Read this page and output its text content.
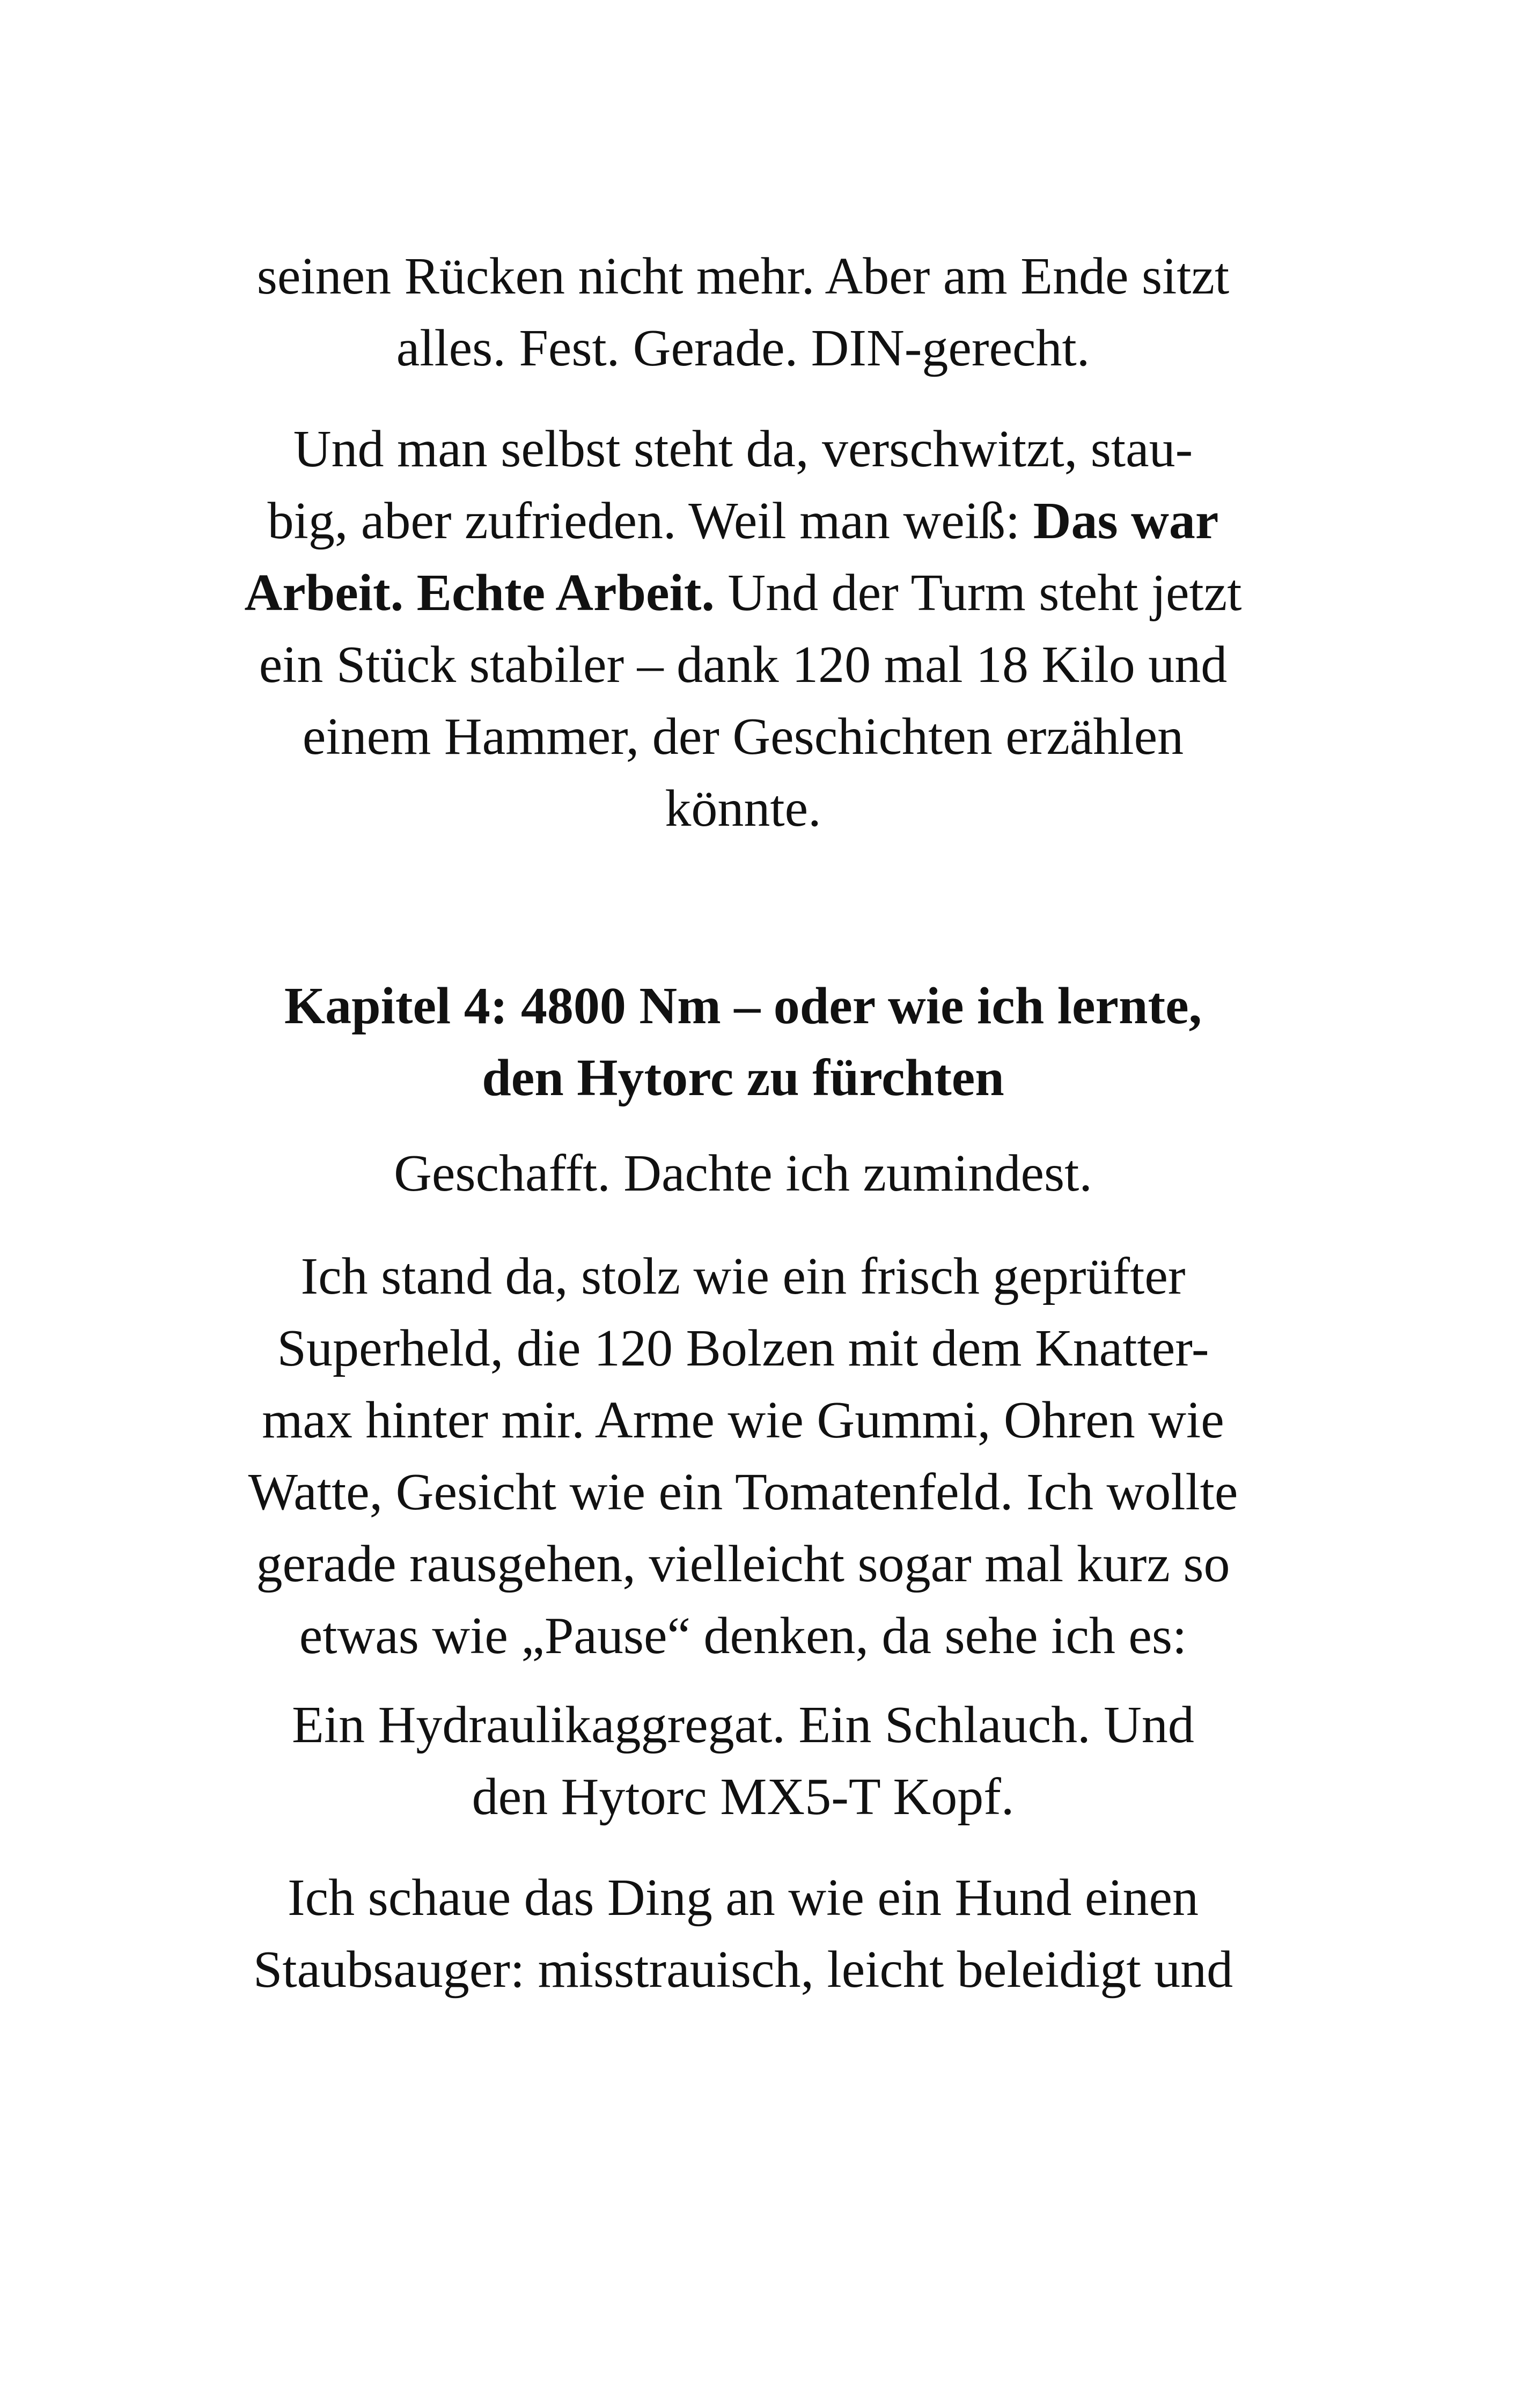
seinen Rücken nicht mehr. Aber am Ende sitzt
alles. Fest. Gerade. DIN-gerecht.
Und man selbst steht da, verschwitzt, stau-
big, aber zufrieden. Weil man weiß: Das war
Arbeit. Echte Arbeit. Und der Turm steht jetzt
ein Stück stabiler – dank 120 mal 18 Kilo und
einem Hammer, der Geschichten erzählen
könnte.
Kapitel 4: 4800 Nm – oder wie ich lernte,
den Hytorc zu fürchten
Geschafft. Dachte ich zumindest.
Ich stand da, stolz wie ein frisch geprüfter
Superheld, die 120 Bolzen mit dem Knatter-
max hinter mir. Arme wie Gummi, Ohren wie
Watte, Gesicht wie ein Tomatenfeld. Ich wollte
gerade rausgehen, vielleicht sogar mal kurz so
etwas wie „Pause“ denken, da sehe ich es:
Ein Hydraulikaggregat. Ein Schlauch. Und
den Hytorc MX5-T Kopf.
Ich schaue das Ding an wie ein Hund einen
Staubsauger: misstrauisch, leicht beleidigt und
